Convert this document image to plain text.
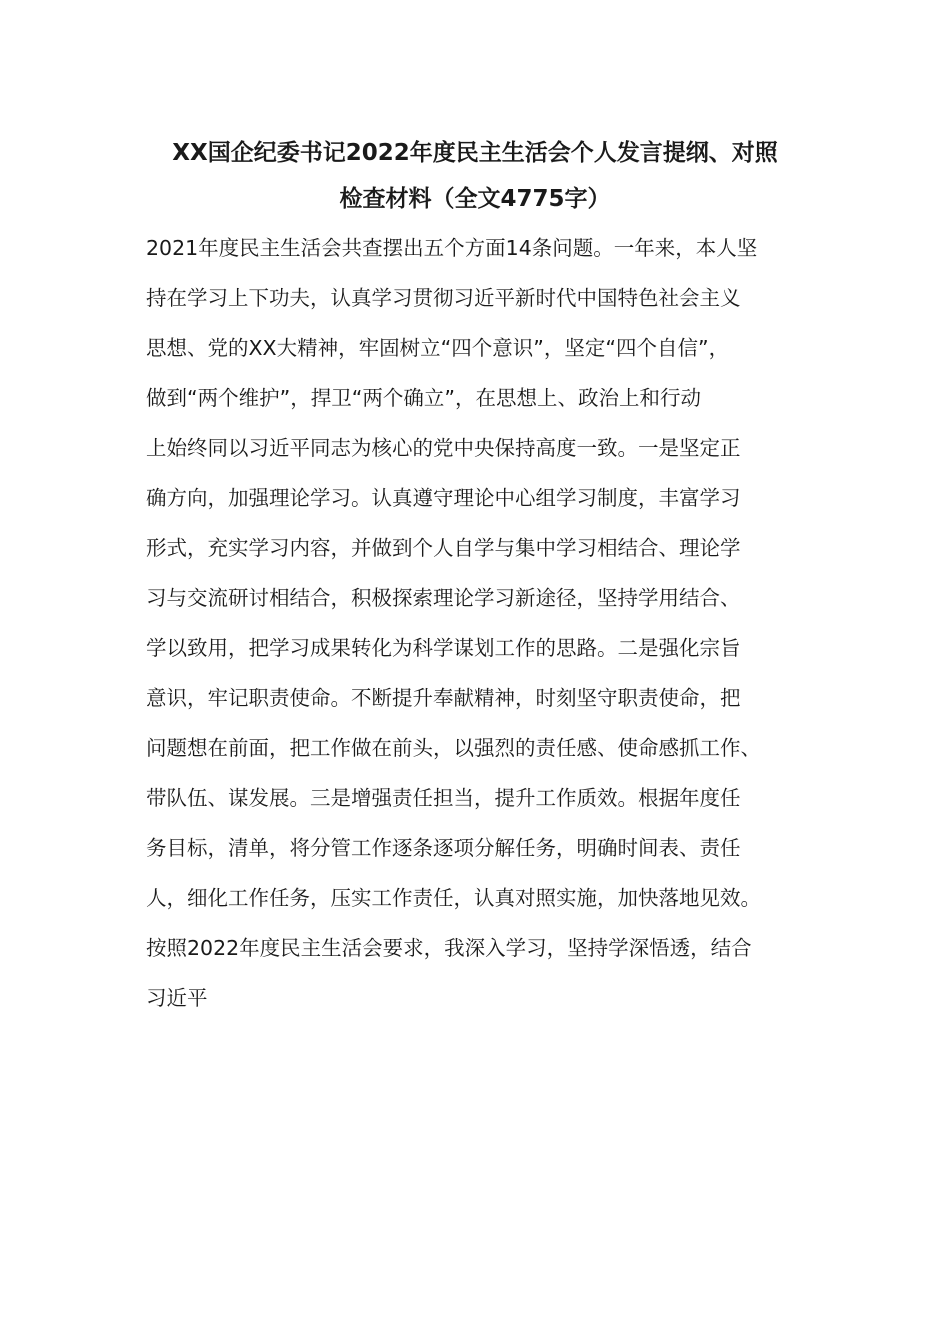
XX国企纪委书记2022年度民主生活会个人发言提纲、对照
检查材料（全文4775字）

2021年度民主生活会共查摆出五个方面14条问题。一年来，本人坚

持在学习上下功夫，认真学习贯彻习近平新时代中国特色社会主义

思想、党的XX大精神，牢固树立“四个意识”，坚定“四个自信”，

做到“两个维护”，捍卫“两个确立”，在思想上、政治上和行动

上始终同以习近平同志为核心的党中央保持高度一致。一是坚定正

确方向，加强理论学习。认真遵守理论中心组学习制度，丰富学习

形式，充实学习内容，并做到个人自学与集中学习相结合、理论学

习与交流研讨相结合，积极探索理论学习新途径，坚持学用结合、

学以致用，把学习成果转化为科学谋划工作的思路。二是强化宗旨

意识，牢记职责使命。不断提升奉献精神，时刻坚守职责使命，把

问题想在前面，把工作做在前头，以强烈的责任感、使命感抓工作、

带队伍、谋发展。三是增强责任担当，提升工作质效。根据年度任

务目标，清单，将分管工作逐条逐项分解任务，明确时间表、责任

人，细化工作任务，压实工作责任，认真对照实施，加快落地见效。

按照2022年度民主生活会要求，我深入学习，坚持学深悟透，结合

习近平
